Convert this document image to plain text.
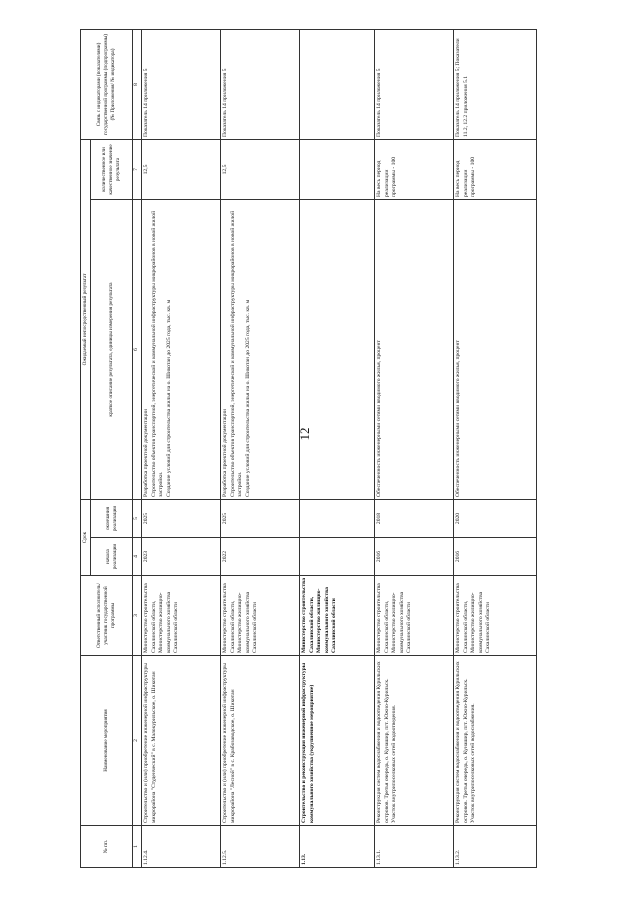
12
№ пп.	Наименование мероприятия	Ответственный исполнитель/участник государственной программы	Срок		Ожидаемый непосредственный результат		Связь с индикаторами (показателями) государственной программы (подпрограммы) (№ Приложения/ № индикатора)
			начала реализации	окончания реализации	краткое описание результата, единицы измерения результата	количественное или качественное значение результата	
1	2	3	4	5	6	7	8
1.12.4.	Строительство и (или) приобретение инженерной инфраструктуры микрорайона "Студенческий" в с. Малокурильское, о. Шикотан	Министерство строительства Сахалинской области, Министерство жилищно-коммунального хозяйства Сахалинской области	2023	2025	Разработка проектной документации Строительство объектов транспортной, энергетической и коммунальной инфраструктуры микрорайонов в новой жилой застройки. Создание условий для строительства жилья на о. Шикотан до 2025 года, тыс. кв. м	12,5	Показатель 14 приложения 5
1.12.5.	Строительство и (или) приобретение инженерной инфраструктуры микрорайона "Лесной" в с. Крабозаводское, о. Шикотан	Министерство строительства Сахалинской области, Министерство жилищно-коммунального хозяйства Сахалинской области	2022	2025	Разработка проектной документации Строительство объектов транспортной, энергетической и коммунальной инфраструктуры микрорайонов в новой жилой застройки. Создание условий для строительства жилья на о. Шикотан до 2025 года, тыс. кв. м	12,5	Показатель 14 приложения 5
1.13.	Строительство и реконструкция инженерной инфраструктуры коммунального хозяйства (укрупненное мероприятие)	Министерство строительства Сахалинской области, Министерство жилищно-коммунального хозяйства Сахалинской области					

1.13.1.	Реконструкция систем водоснабжения и водоотведения Курильских островов. Третья очередь, о. Кунашир, пгт. Южно-Курильск. Участок внутрипоселковых сетей водоотведения.	Министерство строительства Сахалинской области, Министерство жилищно-коммунального хозяйства Сахалинской области	2016	2018	Обеспеченность инженерными сетями вводимого жилья, процент	На весь период реализации программы - 100	Показатель 14 приложения 5
1.13.2.	Реконструкция систем водоснабжения и водоотведения Курильских островов. Третья очередь, о. Кунашир, пгт. Южно-Курильск. Участок внутрипоселковых сетей водоснабжения.	Министерство строительства Сахалинской области, Министерство жилищно-коммунального хозяйства Сахалинской области	2016	2020	Обеспеченность инженерными сетями вводимого жилья, процент	На весь период реализации программы - 100	Показатель 14 приложения 5; Показатели 11.2, 12.2 приложения 5.1
